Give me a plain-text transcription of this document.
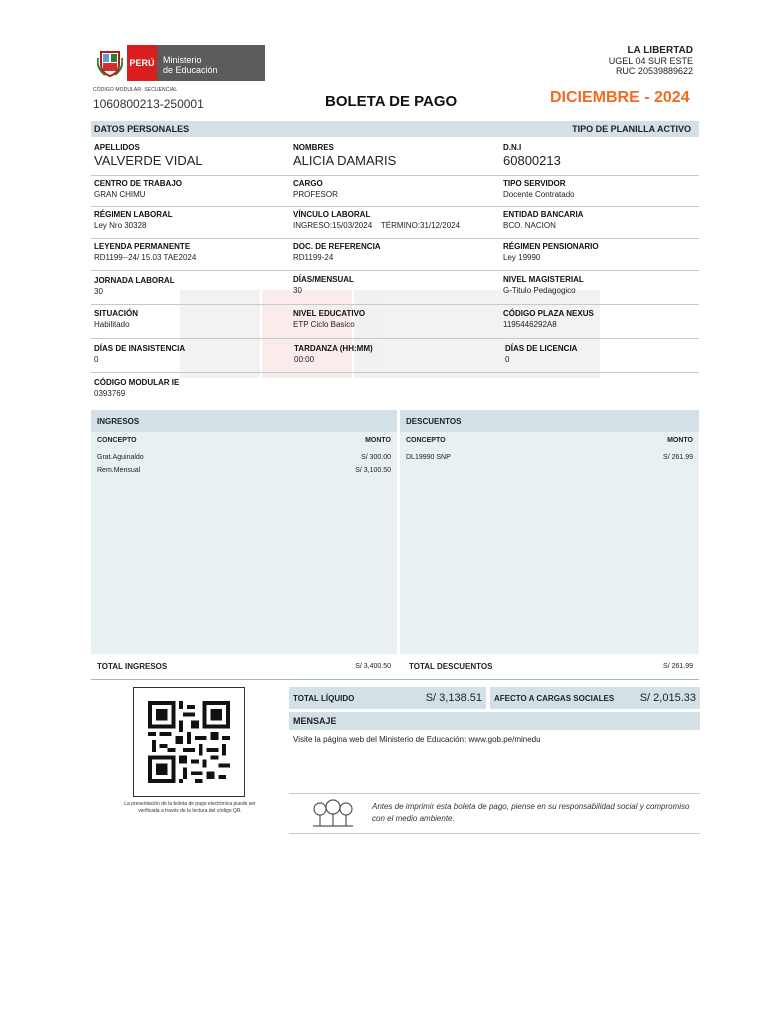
PERÚ Ministerio
de Educación
CÓDIGO MODULAR- SECUENCIAL
1060800213-250001	BOLETA DE PAGO	DICIEMBRE - 2024
LA LIBERTAD
UGEL 04 SUR ESTE
RUC 20539889622
DATOS PERSONALES	TIPO DE PLANILLA ACTIVO
APELLIDOS
VALVERDE VIDAL
NOMBRES
ALICIA DAMARIS
D.N.I
60800213
CENTRO DE TRABAJO
GRAN CHIMU
CARGO
PROFESOR
TIPO SERVIDOR
Docente Contratado
RÉGIMEN LABORAL
Ley Nro 30328
VÍNCULO LABORAL
INGRESO:15/03/2024    TÉRMINO:31/12/2024
ENTIDAD BANCARIA
BCO. NACION
LEYENDA PERMANENTE
RD1199--24/ 15.03 TAE2024
DOC. DE REFERENCIA
RD1199-24
RÉGIMEN PENSIONARIO
Ley 19990
JORNADA LABORAL
30
DÍAS/MENSUAL
30
NIVEL MAGISTERIAL
G-Titulo Pedagogico
SITUACIÓN
Habilitado
NIVEL EDUCATIVO
ETP Ciclo Basico
CÓDIGO PLAZA NEXUS
1195446292A8
DÍAS DE INASISTENCIA
0
TARDANZA (HH:MM)
00:00
DÍAS DE LICENCIA
0
CÓDIGO MODULAR IE
0393769
INGRESOS
CONCEPTO	MONTO
Grat.Aguinaldo	S/ 300.00
Rem.Mensual	S/ 3,100.50
TOTAL INGRESOS	S/ 3,400.50
DESCUENTOS
CONCEPTO	MONTO
DL19990 SNP	S/ 261.99
TOTAL DESCUENTOS	S/ 261.99
La presentación de la boleta de pago electrónica puede ser verificada a través de la lectura del código QR.
TOTAL LÍQUIDO	S/ 3,138.51 AFECTO A CARGAS SOCIALES S/ 2,015.33
MENSAJE
Visite la página web del Ministerio de Educación: www.gob.pe/minedu
Antes de imprimir esta boleta de pago, piense en su responsabilidad social y compromiso con el medio ambiente.
